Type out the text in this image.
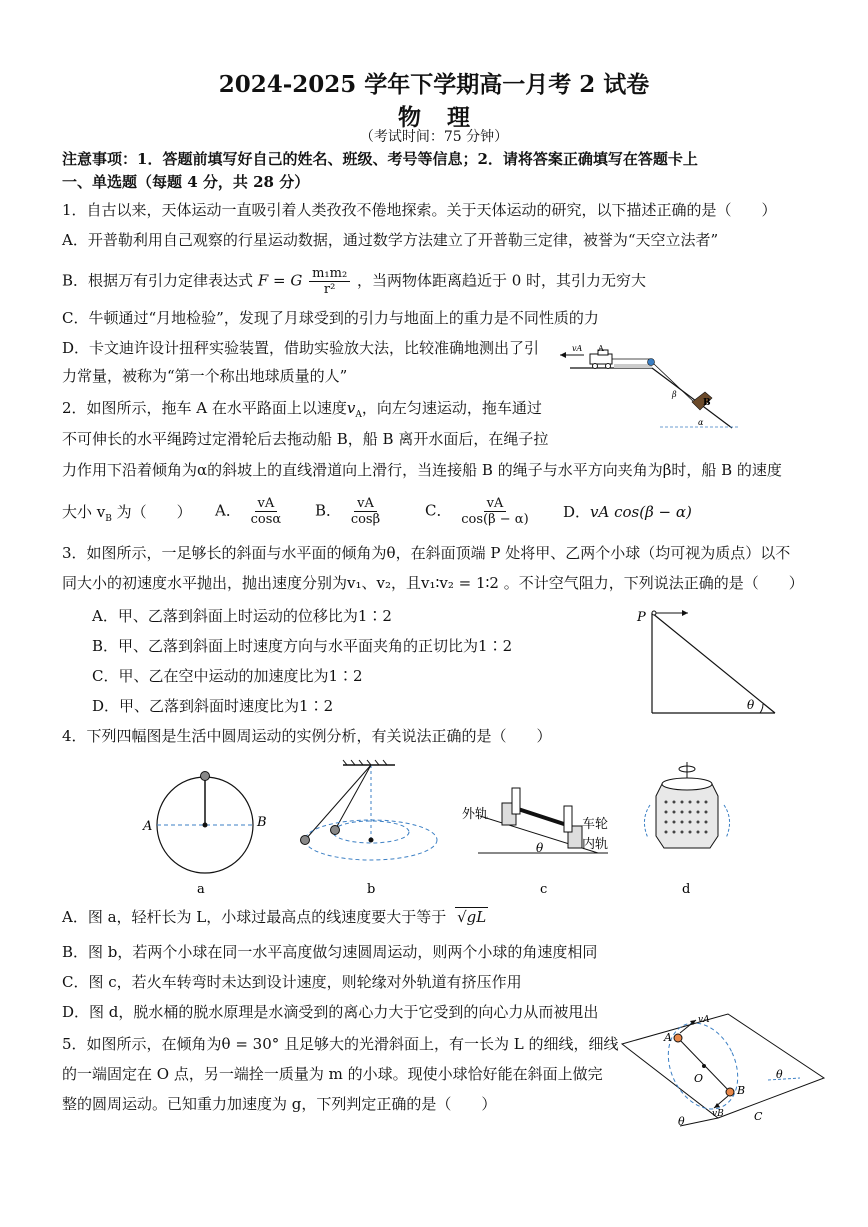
2024-2025 学年下学期高一月考 2 试卷
物理
（考试时间：75 分钟）
注意事项：1．答题前填写好自己的姓名、班级、考号等信息；2．请将答案正确填写在答题卡上
一、单选题（每题 4 分，共 28 分）
1．自古以来，天体运动一直吸引着人类孜孜不倦地探索。关于天体运动的研究，以下描述正确的是（　　）
A．开普勒利用自己观察的行星运动数据，通过数学方法建立了开普勒三定律，被誉为“天空立法者”
B．根据万有引力定律表达式 F = G $\frac{\text{m₁m₂}}{\text{r²}}$ ，当两物体距离趋近于 0 时，其引力无穷大
C．牛顿通过“月地检验”，发现了月球受到的引力与地面上的重力是不同性质的力
D．卡文迪许设计扭秤实验装置，借助实验放大法，比较准确地测出了引
力常量，被称为“第一个称出地球质量的人”
vA A
B
β
α
2．如图所示，拖车 A 在水平路面上以速度$v_A$，向左匀速运动，拖车通过
不可伸长的水平绳跨过定滑轮后去拖动船 B，船 B 离开水面后，在绳子拉
力作用下沿着倾角为α的斜坡上的直线滑道向上滑行，当连接船 B 的绳子与水平方向夹角为β时，船 B 的速度
大小 $v_B$ 为（　　） A． $\frac{vA}{\cos\alpha}$ B． $\frac{vA}{\cos\beta}$	C． $\frac{vA}{\cos(\beta - \alpha)}$ D．vA cos(β − α)
3．如图所示，一足够长的斜面与水平面的倾角为θ，在斜面顶端 P 处将甲、乙两个小球（均可视为质点）以不
同大小的初速度水平抛出，抛出速度分别为v₁、v₂，且v₁∶v₂ = 1∶2 。不计空气阻力，下列说法正确的是（　　）
A．甲、乙落到斜面上时运动的位移比为1∶2
B．甲、乙落到斜面上时速度方向与水平面夹角的正切比为1∶2
C．甲、乙在空中运动的加速度比为1∶2
D．甲、乙落到斜面时速度比为1∶2
P
θ
4．下列四幅图是生活中圆周运动的实例分析，有关说法正确的是（　　）
A	B
a	b
外轨
车轮
内轨
θ
c	d
A．图 a，轻杆长为 L，小球过最高点的线速度要大于等于 √gL
B．图 b，若两个小球在同一水平高度做匀速圆周运动，则两个小球的角速度相同
C．图 c，若火车转弯时未达到设计速度，则轮缘对外轨道有挤压作用
D．图 d，脱水桶的脱水原理是水滴受到的离心力大于它受到的向心力从而被甩出
5．如图所示，在倾角为θ = 30° 且足够大的光滑斜面上，有一长为 L 的细线，细线
的一端固定在 O 点，另一端拴一质量为 m 的小球。现使小球恰好能在斜面上做完
整的圆周运动。已知重力加速度为 g，下列判定正确的是（　　）
A
vA
O
B
vB	C
θ
θ
